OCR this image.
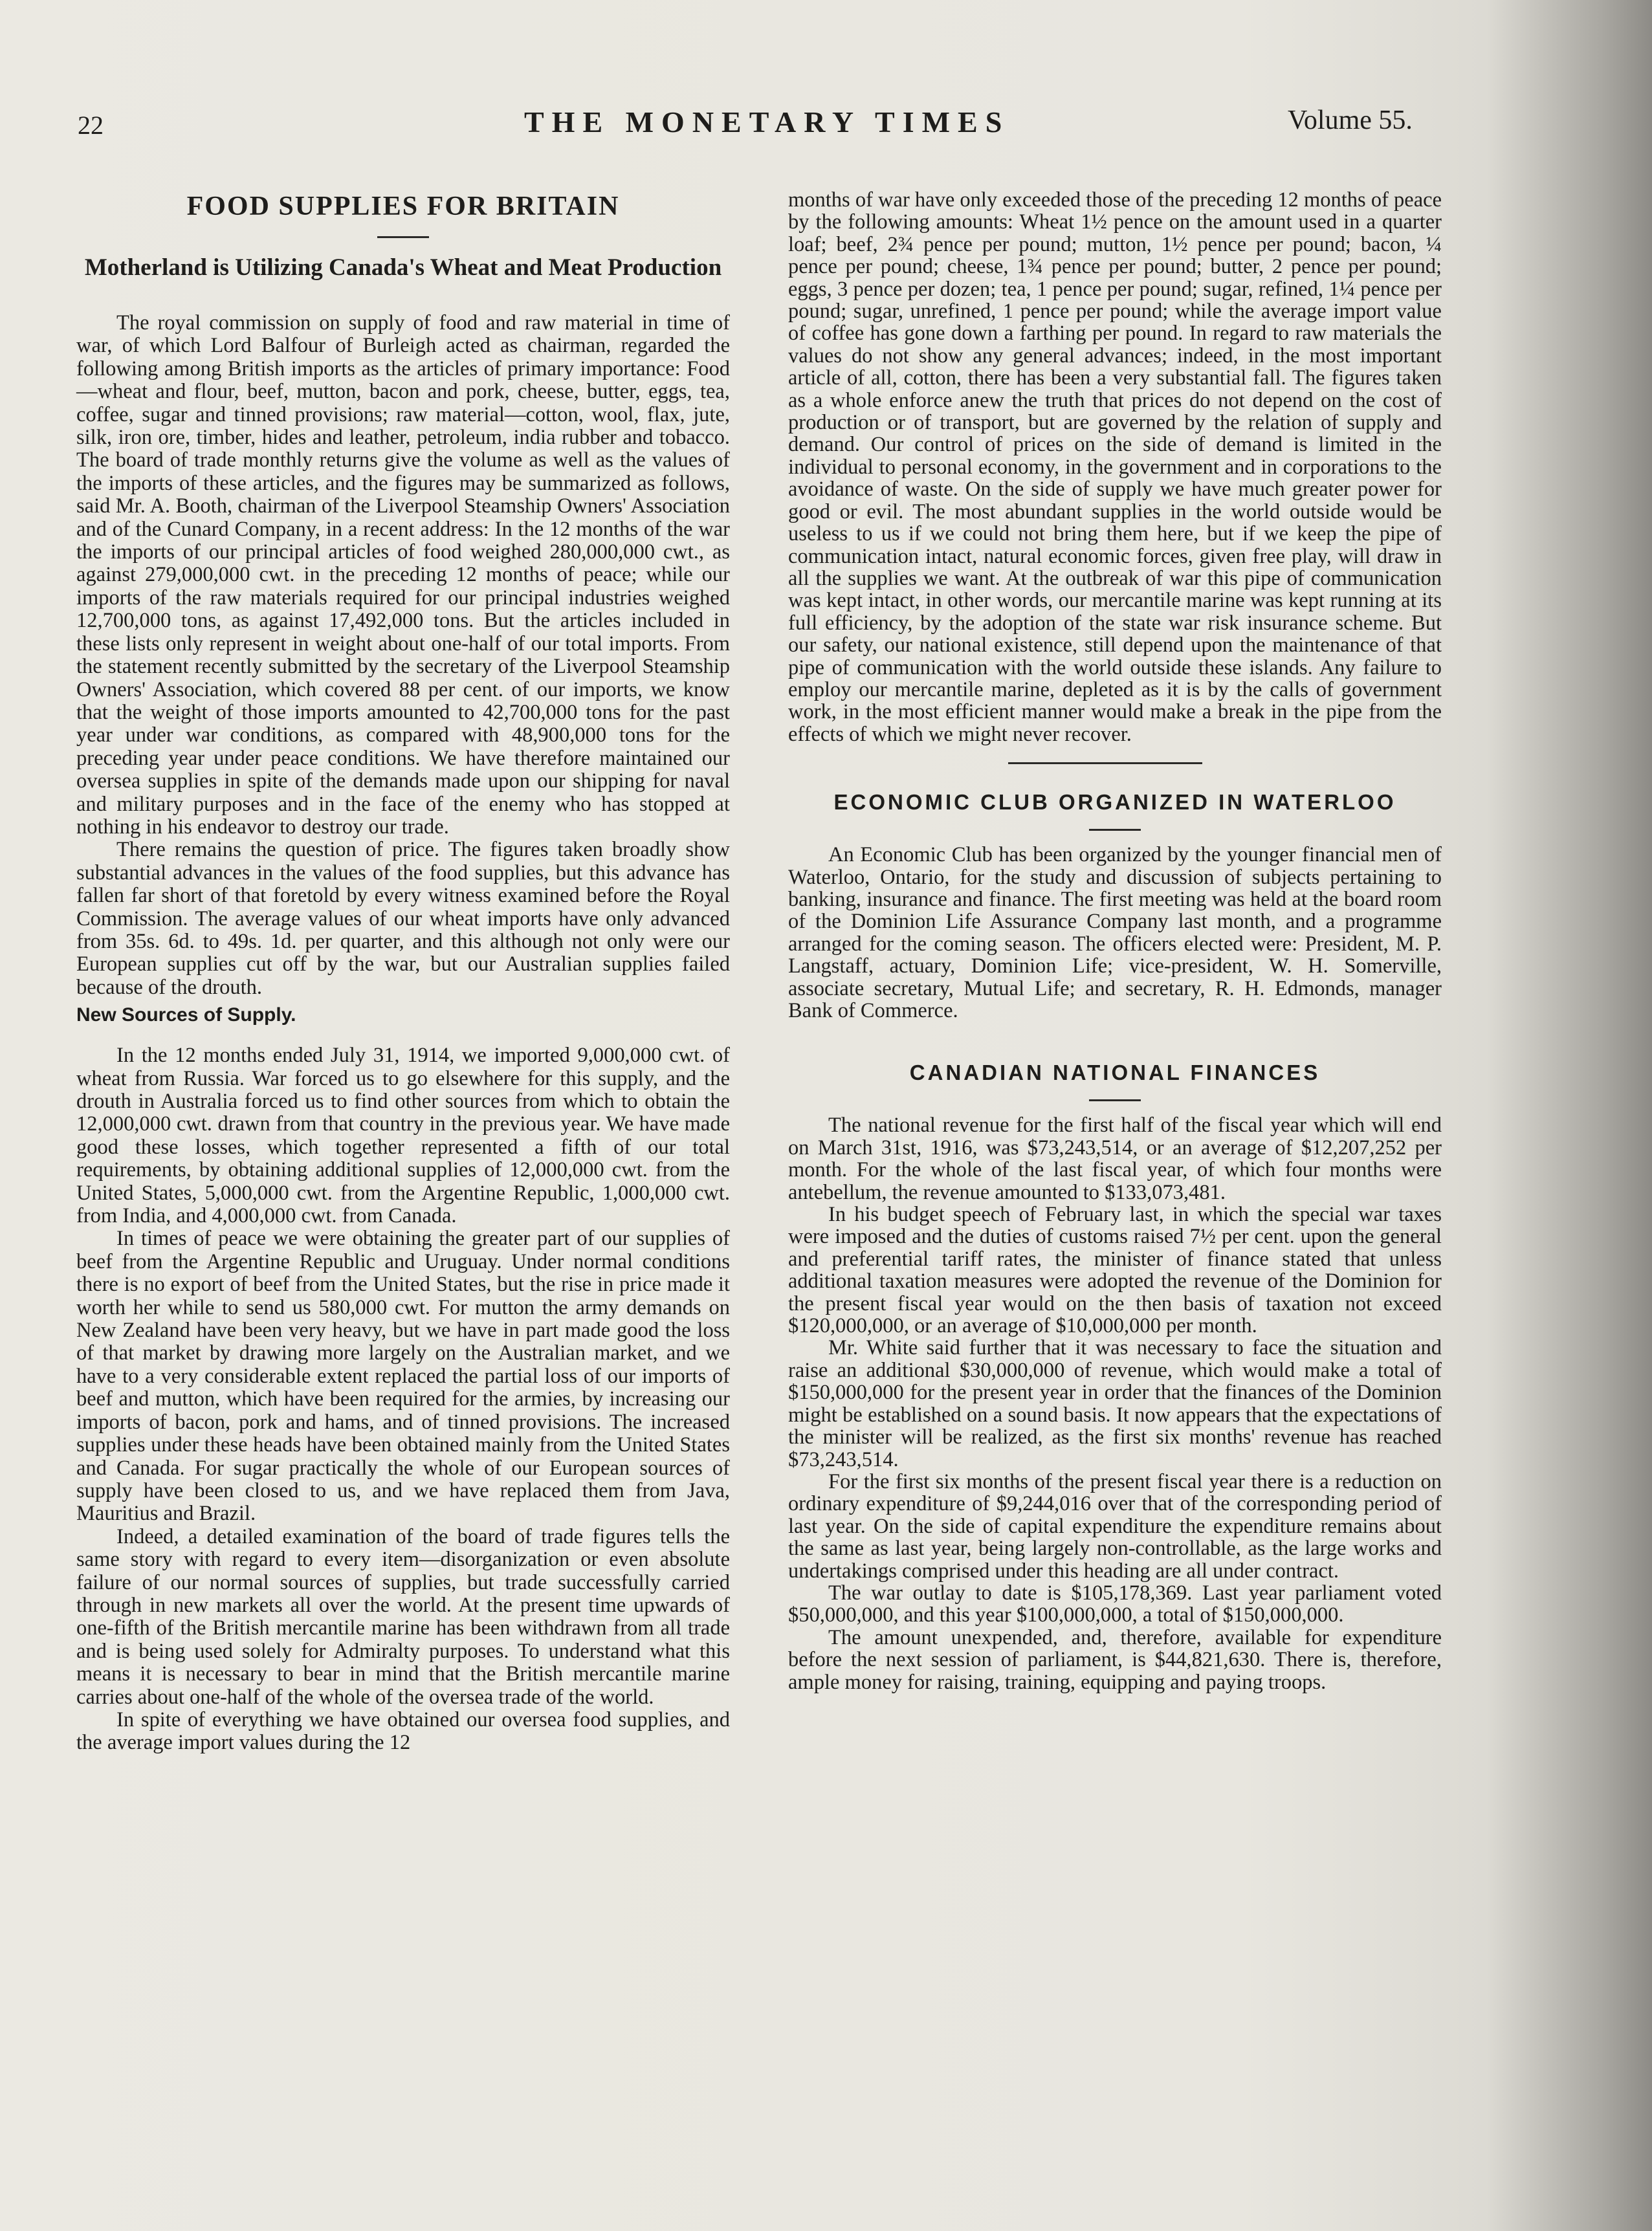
22	THE MONETARY TIMES	Volume 55.
FOOD SUPPLIES FOR BRITAIN
Motherland is Utilizing Canada's Wheat and Meat Production

The royal commission on supply of food and raw material in time of war, of which Lord Balfour of Burleigh acted as chairman, regarded the following among British imports as the articles of primary importance: Food—wheat and flour, beef, mutton, bacon and pork, cheese, butter, eggs, tea, coffee, sugar and tinned provisions; raw material—cotton, wool, flax, jute, silk, iron ore, timber, hides and leather, petroleum, india rubber and tobacco. The board of trade monthly returns give the volume as well as the values of the imports of these articles, and the figures may be summarized as follows, said Mr. A. Booth, chairman of the Liverpool Steamship Owners' Association and of the Cunard Company, in a recent address: In the 12 months of the war the imports of our principal articles of food weighed 280,000,000 cwt., as against 279,000,000 cwt. in the preceding 12 months of peace; while our imports of the raw materials required for our principal industries weighed 12,700,000 tons, as against 17,492,000 tons. But the articles included in these lists only represent in weight about one-half of our total imports. From the statement recently submitted by the secretary of the Liverpool Steamship Owners' Association, which covered 88 per cent. of our imports, we know that the weight of those imports amounted to 42,700,000 tons for the past year under war conditions, as compared with 48,900,000 tons for the preceding year under peace conditions. We have therefore maintained our oversea supplies in spite of the demands made upon our shipping for naval and military purposes and in the face of the enemy who has stopped at nothing in his endeavor to destroy our trade.

There remains the question of price. The figures taken broadly show substantial advances in the values of the food supplies, but this advance has fallen far short of that foretold by every witness examined before the Royal Commission. The average values of our wheat imports have only advanced from 35s. 6d. to 49s. 1d. per quarter, and this although not only were our European supplies cut off by the war, but our Australian supplies failed because of the drouth.

New Sources of Supply.

In the 12 months ended July 31, 1914, we imported 9,000,000 cwt. of wheat from Russia. War forced us to go elsewhere for this supply, and the drouth in Australia forced us to find other sources from which to obtain the 12,000,000 cwt. drawn from that country in the previous year. We have made good these losses, which together represented a fifth of our total requirements, by obtaining additional supplies of 12,000,000 cwt. from the United States, 5,000,000 cwt. from the Argentine Republic, 1,000,000 cwt. from India, and 4,000,000 cwt. from Canada.

In times of peace we were obtaining the greater part of our supplies of beef from the Argentine Republic and Uruguay. Under normal conditions there is no export of beef from the United States, but the rise in price made it worth her while to send us 580,000 cwt. For mutton the army demands on New Zealand have been very heavy, but we have in part made good the loss of that market by drawing more largely on the Australian market, and we have to a very considerable extent replaced the partial loss of our imports of beef and mutton, which have been required for the armies, by increasing our imports of bacon, pork and hams, and of tinned provisions. The increased supplies under these heads have been obtained mainly from the United States and Canada. For sugar practically the whole of our European sources of supply have been closed to us, and we have replaced them from Java, Mauritius and Brazil.

Indeed, a detailed examination of the board of trade figures tells the same story with regard to every item—disorganization or even absolute failure of our normal sources of supplies, but trade successfully carried through in new markets all over the world. At the present time upwards of one-fifth of the British mercantile marine has been withdrawn from all trade and is being used solely for Admiralty purposes. To understand what this means it is necessary to bear in mind that the British mercantile marine carries about one-half of the whole of the oversea trade of the world.

In spite of everything we have obtained our oversea food supplies, and the average import values during the 12

months of war have only exceeded those of the preceding 12 months of peace by the following amounts: Wheat 1½ pence on the amount used in a quarter loaf; beef, 2¾ pence per pound; mutton, 1½ pence per pound; bacon, ¼ pence per pound; cheese, 1¾ pence per pound; butter, 2 pence per pound; eggs, 3 pence per dozen; tea, 1 pence per pound; sugar, refined, 1¼ pence per pound; sugar, unrefined, 1 pence per pound; while the average import value of coffee has gone down a farthing per pound. In regard to raw materials the values do not show any general advances; indeed, in the most important article of all, cotton, there has been a very substantial fall. The figures taken as a whole enforce anew the truth that prices do not depend on the cost of production or of transport, but are governed by the relation of supply and demand. Our control of prices on the side of demand is limited in the individual to personal economy, in the government and in corporations to the avoidance of waste. On the side of supply we have much greater power for good or evil. The most abundant supplies in the world outside would be useless to us if we could not bring them here, but if we keep the pipe of communication intact, natural economic forces, given free play, will draw in all the supplies we want. At the outbreak of war this pipe of communication was kept intact, in other words, our mercantile marine was kept running at its full efficiency, by the adoption of the state war risk insurance scheme. But our safety, our national existence, still depend upon the maintenance of that pipe of communication with the world outside these islands. Any failure to employ our mercantile marine, depleted as it is by the calls of government work, in the most efficient manner would make a break in the pipe from the effects of which we might never recover.

ECONOMIC CLUB ORGANIZED IN WATERLOO

An Economic Club has been organized by the younger financial men of Waterloo, Ontario, for the study and discussion of subjects pertaining to banking, insurance and finance. The first meeting was held at the board room of the Dominion Life Assurance Company last month, and a programme arranged for the coming season. The officers elected were: President, M. P. Langstaff, actuary, Dominion Life; vice-president, W. H. Somerville, associate secretary, Mutual Life; and secretary, R. H. Edmonds, manager Bank of Commerce.

CANADIAN NATIONAL FINANCES

The national revenue for the first half of the fiscal year which will end on March 31st, 1916, was $73,243,514, or an average of $12,207,252 per month. For the whole of the last fiscal year, of which four months were antebellum, the revenue amounted to $133,073,481.

In his budget speech of February last, in which the special war taxes were imposed and the duties of customs raised 7½ per cent. upon the general and preferential tariff rates, the minister of finance stated that unless additional taxation measures were adopted the revenue of the Dominion for the present fiscal year would on the then basis of taxation not exceed $120,000,000, or an average of $10,000,000 per month.

Mr. White said further that it was necessary to face the situation and raise an additional $30,000,000 of revenue, which would make a total of $150,000,000 for the present year in order that the finances of the Dominion might be established on a sound basis. It now appears that the expectations of the minister will be realized, as the first six months' revenue has reached $73,243,514.

For the first six months of the present fiscal year there is a reduction on ordinary expenditure of $9,244,016 over that of the corresponding period of last year. On the side of capital expenditure the expenditure remains about the same as last year, being largely non-controllable, as the large works and undertakings comprised under this heading are all under contract.

The war outlay to date is $105,178,369. Last year parliament voted $50,000,000, and this year $100,000,000, a total of $150,000,000.

The amount unexpended, and, therefore, available for expenditure before the next session of parliament, is $44,821,630. There is, therefore, ample money for raising, training, equipping and paying troops.
